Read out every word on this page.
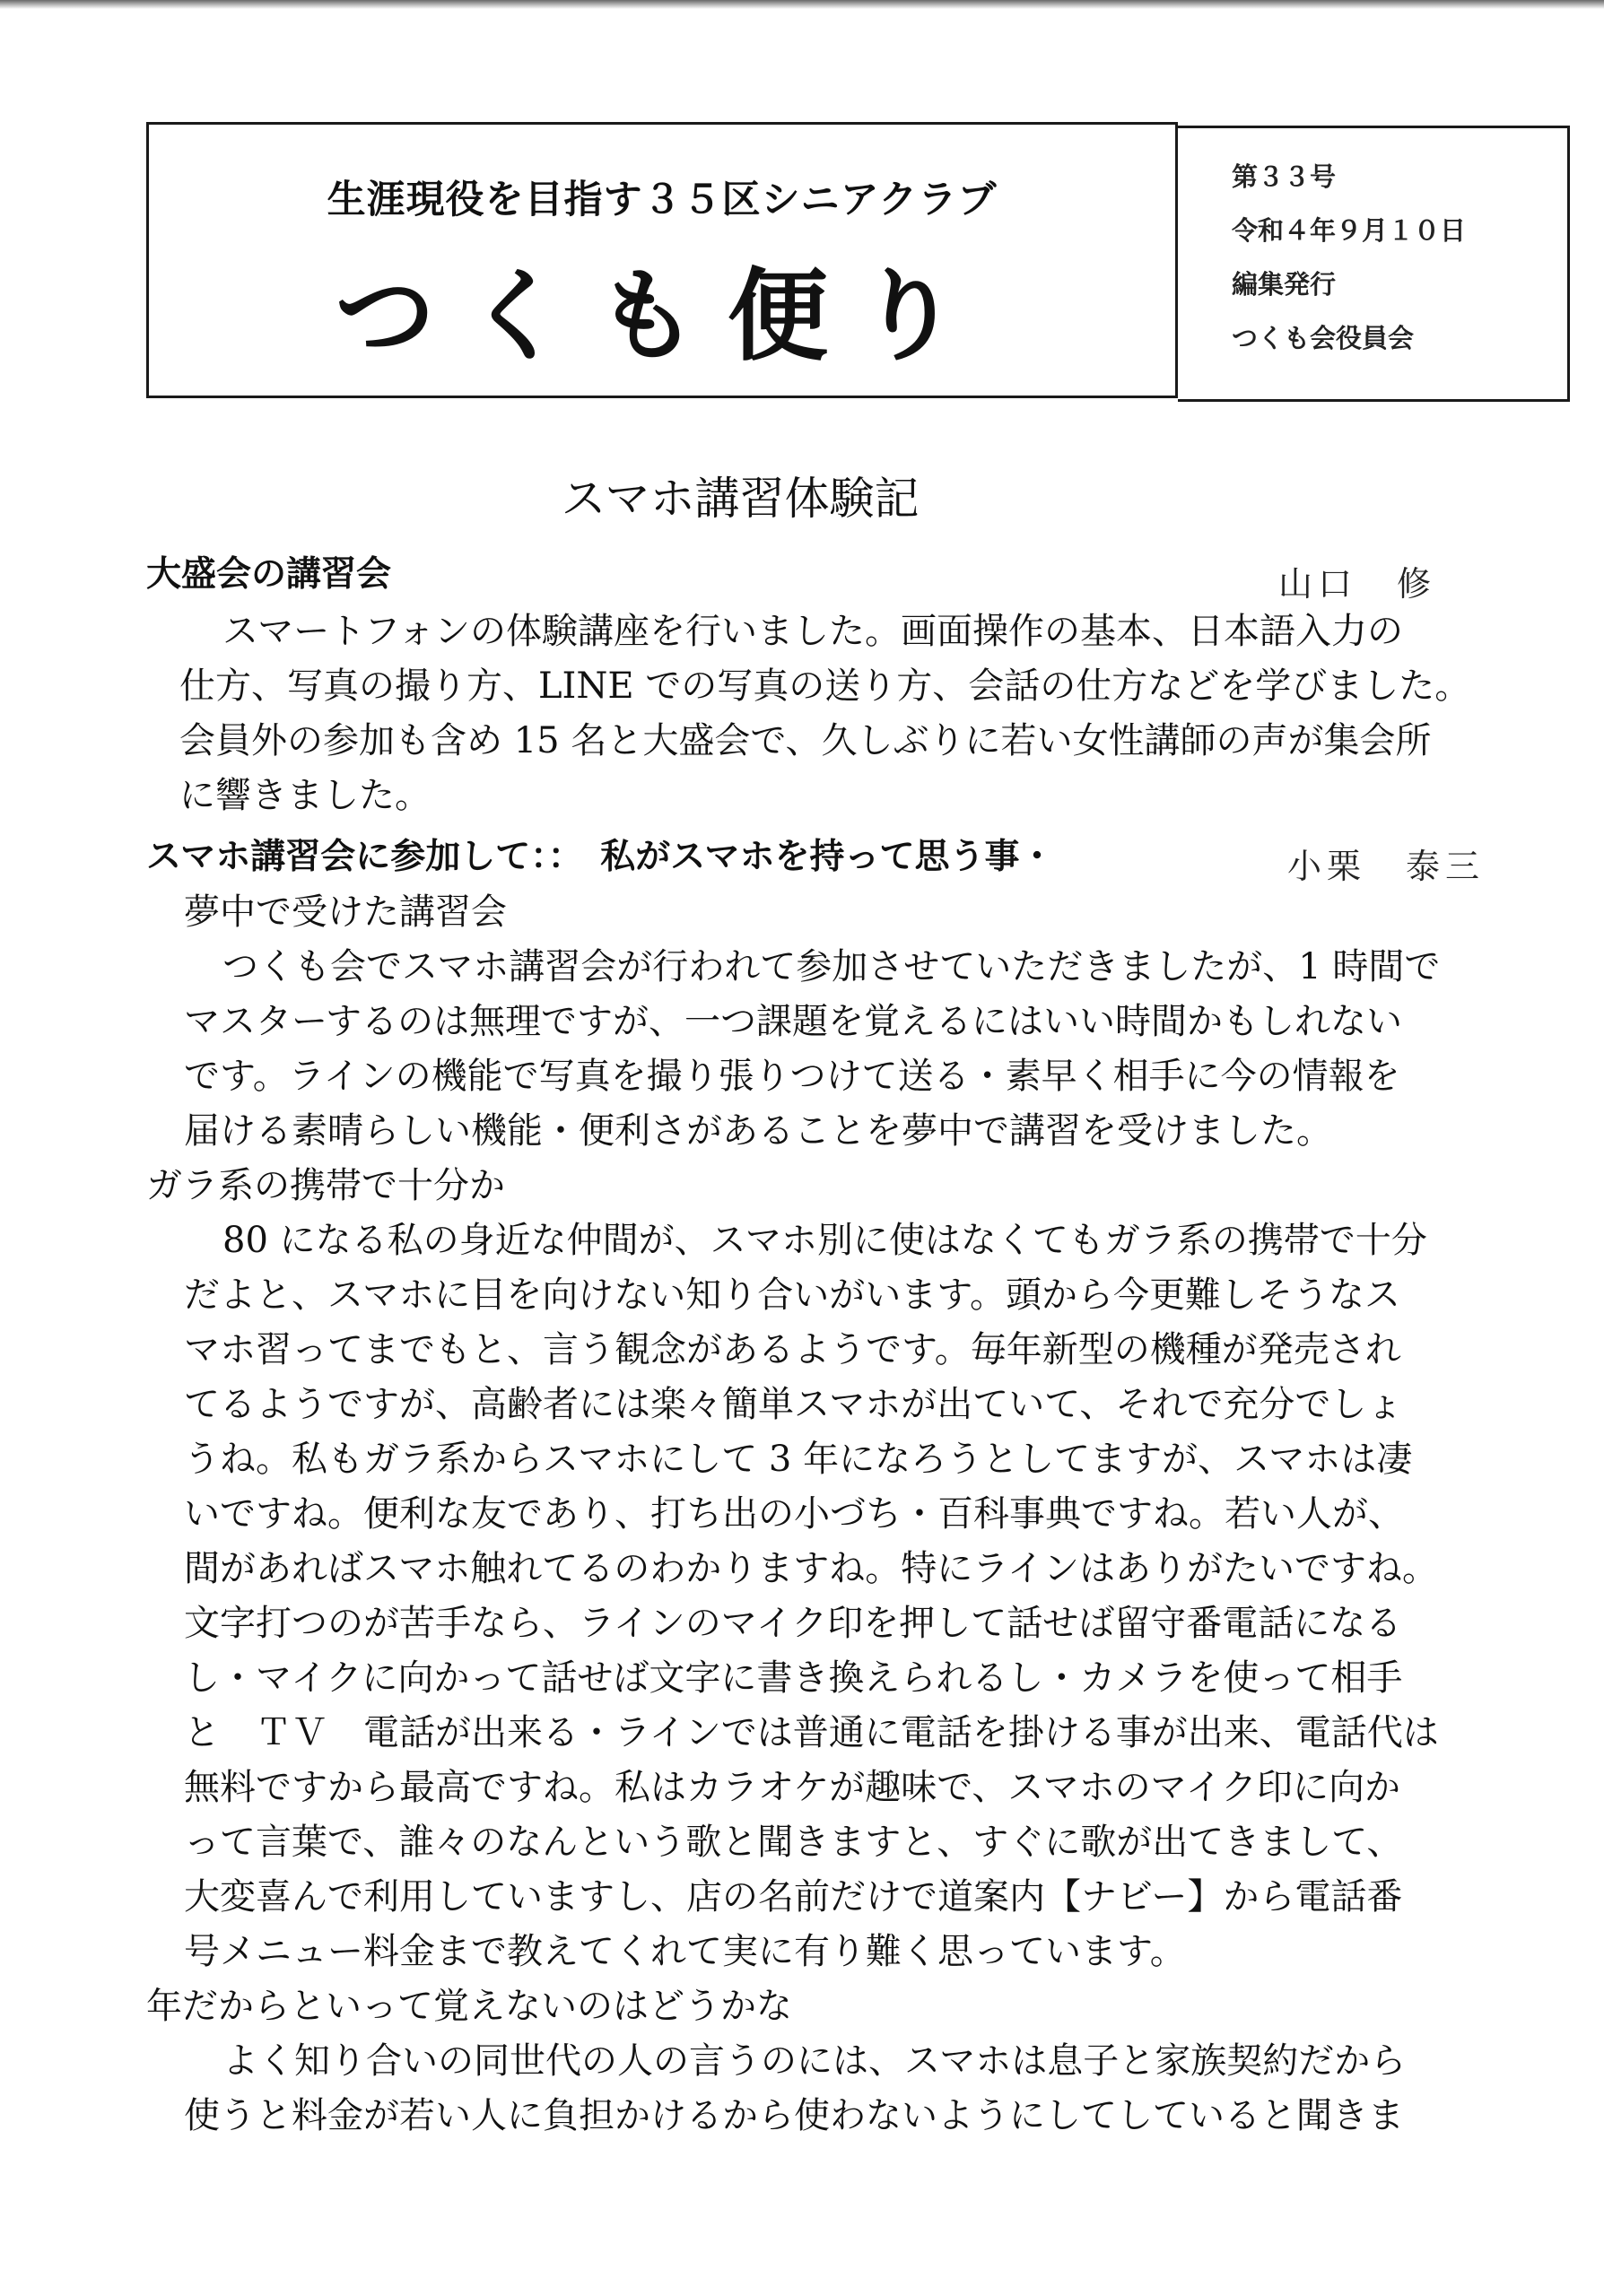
生涯現役を目指す３５区シニアクラブ
つくも便り
第３３号
令和４年９月１０日
編集発行
つくも会役員会
スマホ講習体験記
大盛会の講習会	山口　修
スマートフォンの体験講座を行いました。画面操作の基本、日本語入力の
仕方、写真の撮り方、LINE での写真の送り方、会話の仕方などを学びました。
会員外の参加も含め 15 名と大盛会で、久しぶりに若い女性講師の声が集会所
に響きました。
スマホ講習会に参加して：：　私がスマホを持って思う事・	小栗　泰三
夢中で受けた講習会
つくも会でスマホ講習会が行われて参加させていただきましたが、1 時間で
マスターするのは無理ですが、一つ課題を覚えるにはいい時間かもしれない
です。ラインの機能で写真を撮り張りつけて送る・素早く相手に今の情報を
届ける素晴らしい機能・便利さがあることを夢中で講習を受けました。
ガラ系の携帯で十分か
80 になる私の身近な仲間が、スマホ別に使はなくてもガラ系の携帯で十分
だよと、スマホに目を向けない知り合いがいます。頭から今更難しそうなス
マホ習ってまでもと、言う観念があるようです。毎年新型の機種が発売され
てるようですが、高齢者には楽々簡単スマホが出ていて、それで充分でしょ
うね。私もガラ系からスマホにして 3 年になろうとしてますが、スマホは凄
いですね。便利な友であり、打ち出の小づち・百科事典ですね。若い人が、
間があればスマホ触れてるのわかりますね。特にラインはありがたいですね。
文字打つのが苦手なら、ラインのマイク印を押して話せば留守番電話になる
し・マイクに向かって話せば文字に書き換えられるし・カメラを使って相手
と　ＴＶ　電話が出来る・ラインでは普通に電話を掛ける事が出来、電話代は
無料ですから最高ですね。私はカラオケが趣味で、スマホのマイク印に向か
って言葉で、誰々のなんという歌と聞きますと、すぐに歌が出てきまして、
大変喜んで利用していますし、店の名前だけで道案内【ナビー】から電話番
号メニュー料金まで教えてくれて実に有り難く思っています。
年だからといって覚えないのはどうかな
よく知り合いの同世代の人の言うのには、スマホは息子と家族契約だから
使うと料金が若い人に負担かけるから使わないようにしてしていると聞きま
